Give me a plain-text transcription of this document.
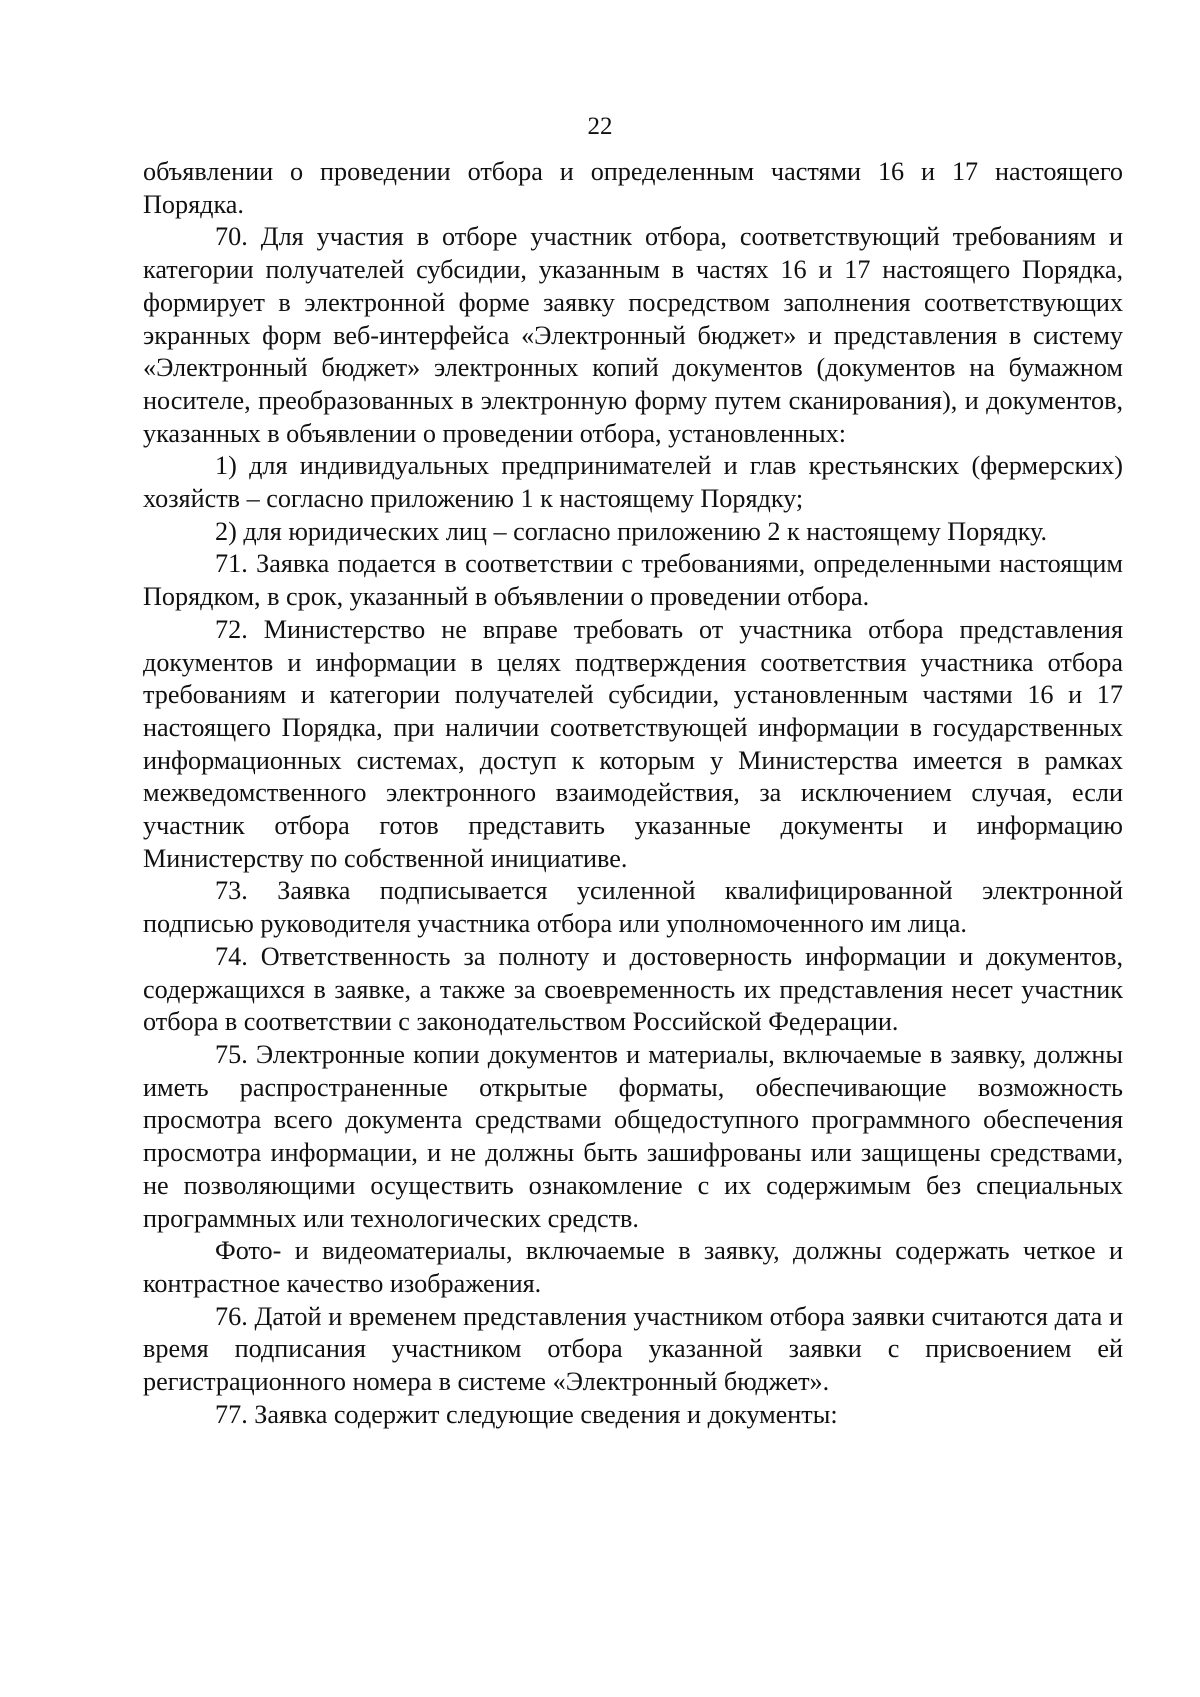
22

объявлении о проведении отбора и определенным частями 16 и 17 настоящего Порядка.

70. Для участия в отборе участник отбора, соответствующий требованиям и категории получателей субсидии, указанным в частях 16 и 17 настоящего Порядка, формирует в электронной форме заявку посредством заполнения соответствующих экранных форм веб-интерфейса «Электронный бюджет» и представления в систему «Электронный бюджет» электронных копий документов (документов на бумажном носителе, преобразованных в электронную форму путем сканирования), и документов, указанных в объявлении о проведении отбора, установленных:

1) для индивидуальных предпринимателей и глав крестьянских (фермерских) хозяйств – согласно приложению 1 к настоящему Порядку;

2) для юридических лиц – согласно приложению 2 к настоящему Порядку.

71. Заявка подается в соответствии с требованиями, определенными настоящим Порядком, в срок, указанный в объявлении о проведении отбора.

72. Министерство не вправе требовать от участника отбора представления документов и информации в целях подтверждения соответствия участника отбора требованиям и категории получателей субсидии, установленным частями 16 и 17 настоящего Порядка, при наличии соответствующей информации в государственных информационных системах, доступ к которым у Министерства имеется в рамках межведомственного электронного взаимодействия, за исключением случая, если участник отбора готов представить указанные документы и информацию Министерству по собственной инициативе.

73. Заявка подписывается усиленной квалифицированной электронной подписью руководителя участника отбора или уполномоченного им лица.

74. Ответственность за полноту и достоверность информации и документов, содержащихся в заявке, а также за своевременность их представления несет участник отбора в соответствии с законодательством Российской Федерации.

75. Электронные копии документов и материалы, включаемые в заявку, должны иметь распространенные открытые форматы, обеспечивающие возможность просмотра всего документа средствами общедоступного программного обеспечения просмотра информации, и не должны быть зашифрованы или защищены средствами, не позволяющими осуществить ознакомление с их содержимым без специальных программных или технологических средств.

Фото- и видеоматериалы, включаемые в заявку, должны содержать четкое и контрастное качество изображения.

76. Датой и временем представления участником отбора заявки считаются дата и время подписания участником отбора указанной заявки с присвоением ей регистрационного номера в системе «Электронный бюджет».

77. Заявка содержит следующие сведения и документы:
